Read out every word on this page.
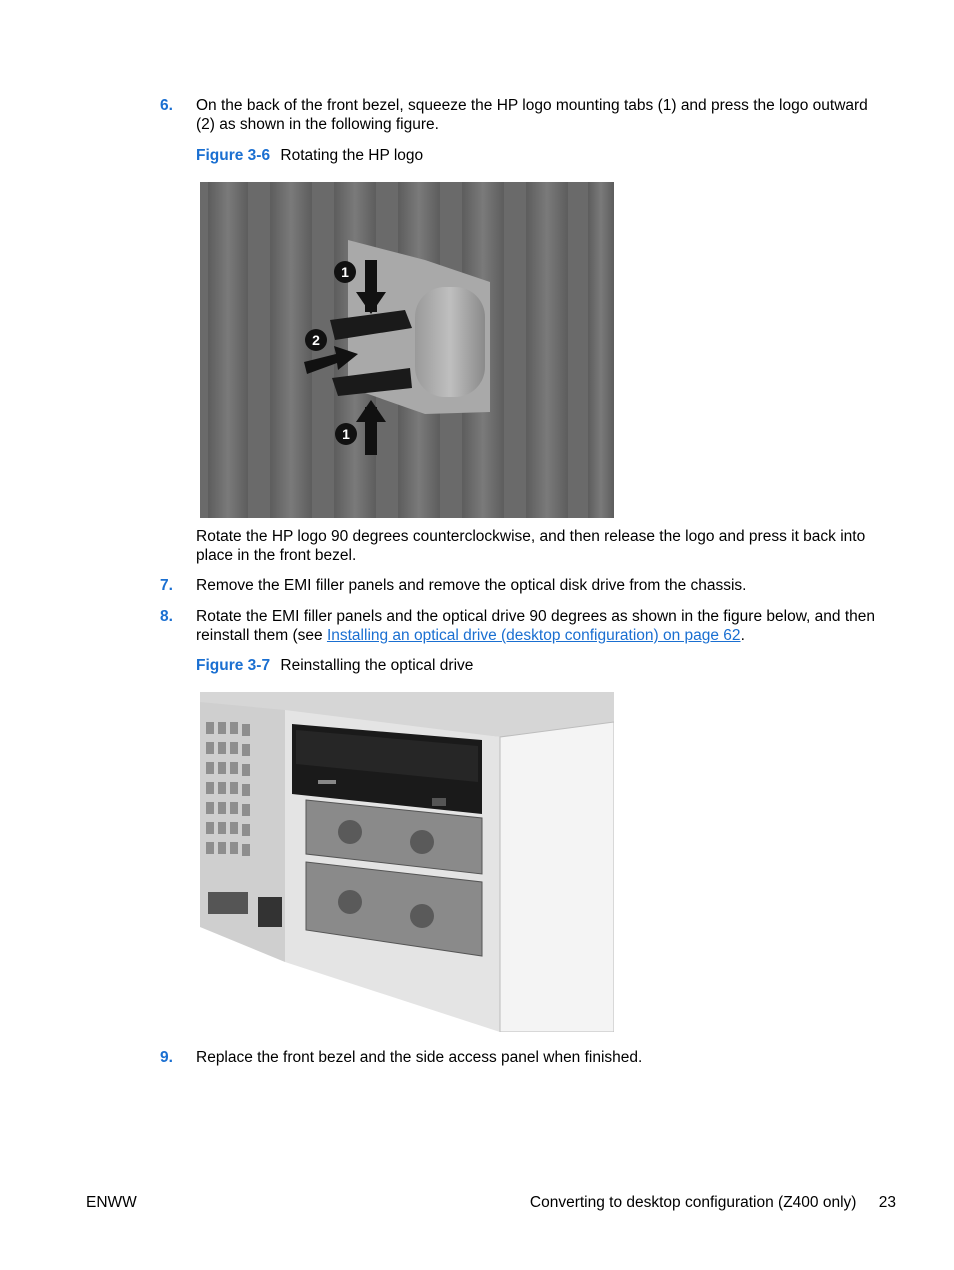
6. On the back of the front bezel, squeeze the HP logo mounting tabs (1) and press the logo outward (2) as shown in the following figure.
Figure 3-6 Rotating the HP logo
1
2
1
Rotate the HP logo 90 degrees counterclockwise, and then release the logo and press it back into place in the front bezel.
7. Remove the EMI filler panels and remove the optical disk drive from the chassis.
8. Rotate the EMI filler panels and the optical drive 90 degrees as shown in the figure below, and then reinstall them (see Installing an optical drive (desktop configuration) on page 62.
Figure 3-7 Reinstalling the optical drive
9. Replace the front bezel and the side access panel when finished.
ENWW	Converting to desktop configuration (Z400 only) 23
